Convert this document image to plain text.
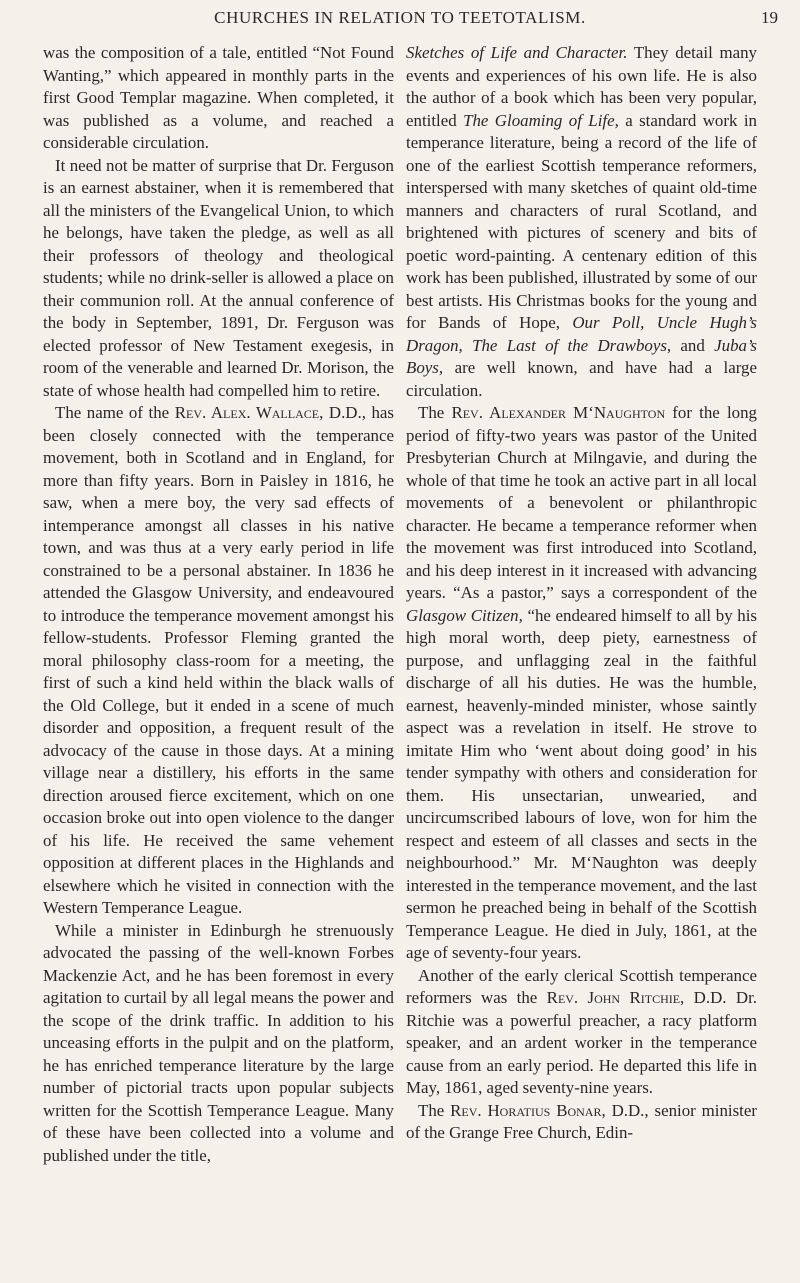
CHURCHES IN RELATION TO TEETOTALISM.	19

was the composition of a tale, entitled “Not Found Wanting,” which appeared in monthly parts in the first Good Templar magazine. When completed, it was published as a volume, and reached a considerable circulation.

It need not be matter of surprise that Dr. Ferguson is an earnest abstainer, when it is remembered that all the ministers of the Evangelical Union, to which he belongs, have taken the pledge, as well as all their professors of theology and theological students; while no drink-seller is allowed a place on their communion roll. At the annual conference of the body in September, 1891, Dr. Ferguson was elected professor of New Testament exegesis, in room of the venerable and learned Dr. Morison, the state of whose health had compelled him to retire.

The name of the Rev. Alex. Wallace, D.D., has been closely connected with the temperance movement, both in Scotland and in England, for more than fifty years. Born in Paisley in 1816, he saw, when a mere boy, the very sad effects of intemperance amongst all classes in his native town, and was thus at a very early period in life constrained to be a personal abstainer. In 1836 he attended the Glasgow University, and endeavoured to introduce the temperance movement amongst his fellow-students. Professor Fleming granted the moral philosophy class-room for a meeting, the first of such a kind held within the black walls of the Old College, but it ended in a scene of much disorder and opposition, a frequent result of the advocacy of the cause in those days. At a mining village near a distillery, his efforts in the same direction aroused fierce excitement, which on one occasion broke out into open violence to the danger of his life. He received the same vehement opposition at different places in the Highlands and elsewhere which he visited in connection with the Western Temperance League.

While a minister in Edinburgh he strenuously advocated the passing of the well-known Forbes Mackenzie Act, and he has been foremost in every agitation to curtail by all legal means the power and the scope of the drink traffic. In addition to his unceasing efforts in the pulpit and on the platform, he has enriched temperance literature by the large number of pictorial tracts upon popular subjects written for the Scottish Temperance League. Many of these have been collected into a volume and published under the title,

Sketches of Life and Character. They detail many events and experiences of his own life. He is also the author of a book which has been very popular, entitled The Gloaming of Life, a standard work in temperance literature, being a record of the life of one of the earliest Scottish temperance reformers, interspersed with many sketches of quaint old-time manners and characters of rural Scotland, and brightened with pictures of scenery and bits of poetic word-painting. A centenary edition of this work has been published, illustrated by some of our best artists. His Christmas books for the young and for Bands of Hope, Our Poll, Uncle Hugh’s Dragon, The Last of the Drawboys, and Juba’s Boys, are well known, and have had a large circulation.

The Rev. Alexander M‘Naughton for the long period of fifty-two years was pastor of the United Presbyterian Church at Milngavie, and during the whole of that time he took an active part in all local movements of a benevolent or philanthropic character. He became a temperance reformer when the movement was first introduced into Scotland, and his deep interest in it increased with advancing years. “As a pastor,” says a correspondent of the Glasgow Citizen, “he endeared himself to all by his high moral worth, deep piety, earnestness of purpose, and unflagging zeal in the faithful discharge of all his duties. He was the humble, earnest, heavenly-minded minister, whose saintly aspect was a revelation in itself. He strove to imitate Him who ‘went about doing good’ in his tender sympathy with others and consideration for them. His unsectarian, unwearied, and uncircumscribed labours of love, won for him the respect and esteem of all classes and sects in the neighbourhood.” Mr. M‘Naughton was deeply interested in the temperance movement, and the last sermon he preached being in behalf of the Scottish Temperance League. He died in July, 1861, at the age of seventy-four years.

Another of the early clerical Scottish temperance reformers was the Rev. John Ritchie, D.D. Dr. Ritchie was a powerful preacher, a racy platform speaker, and an ardent worker in the temperance cause from an early period. He departed this life in May, 1861, aged seventy-nine years.

The Rev. Horatius Bonar, D.D., senior minister of the Grange Free Church, Edin-
